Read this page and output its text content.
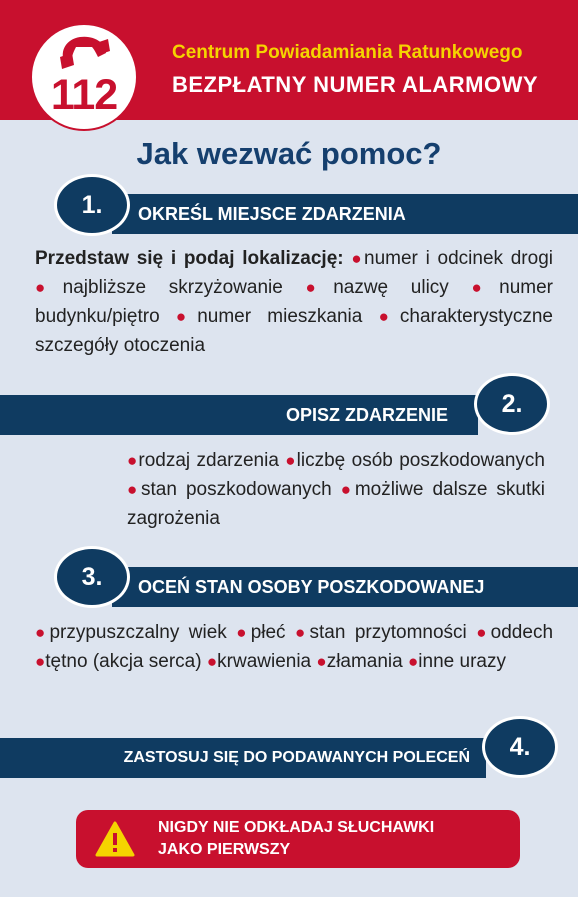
112
Centrum Powiadamiania Ratunkowego
BEZPŁATNY NUMER ALARMOWY
Jak wezwać pomoc?
OKREŚL MIEJSCE ZDARZENIA
1.
Przedstaw się i podaj lokalizację: ●numer i odcinek drogi ●najbliższe skrzyżowanie ●nazwę ulicy ●numer budynku/piętro ●numer mieszkania ●charakterystyczne szczegóły otoczenia
OPISZ ZDARZENIE	2.
●rodzaj zdarzenia ●liczbę osób poszkodowanych ●stan poszkodowanych ●możliwe dalsze skutki zagrożenia
OCEŃ STAN OSOBY POSZKODOWANEJ
3.
●przypuszczalny wiek ●płeć ●stan przytomności ●oddech ●tętno (akcja serca) ●krwawienia ●złamania ●inne urazy
ZASTOSUJ SIĘ DO PODAWANYCH POLECEŃ	4.
NIGDY NIE ODKŁADAJ SŁUCHAWKI
JAKO PIERWSZY
